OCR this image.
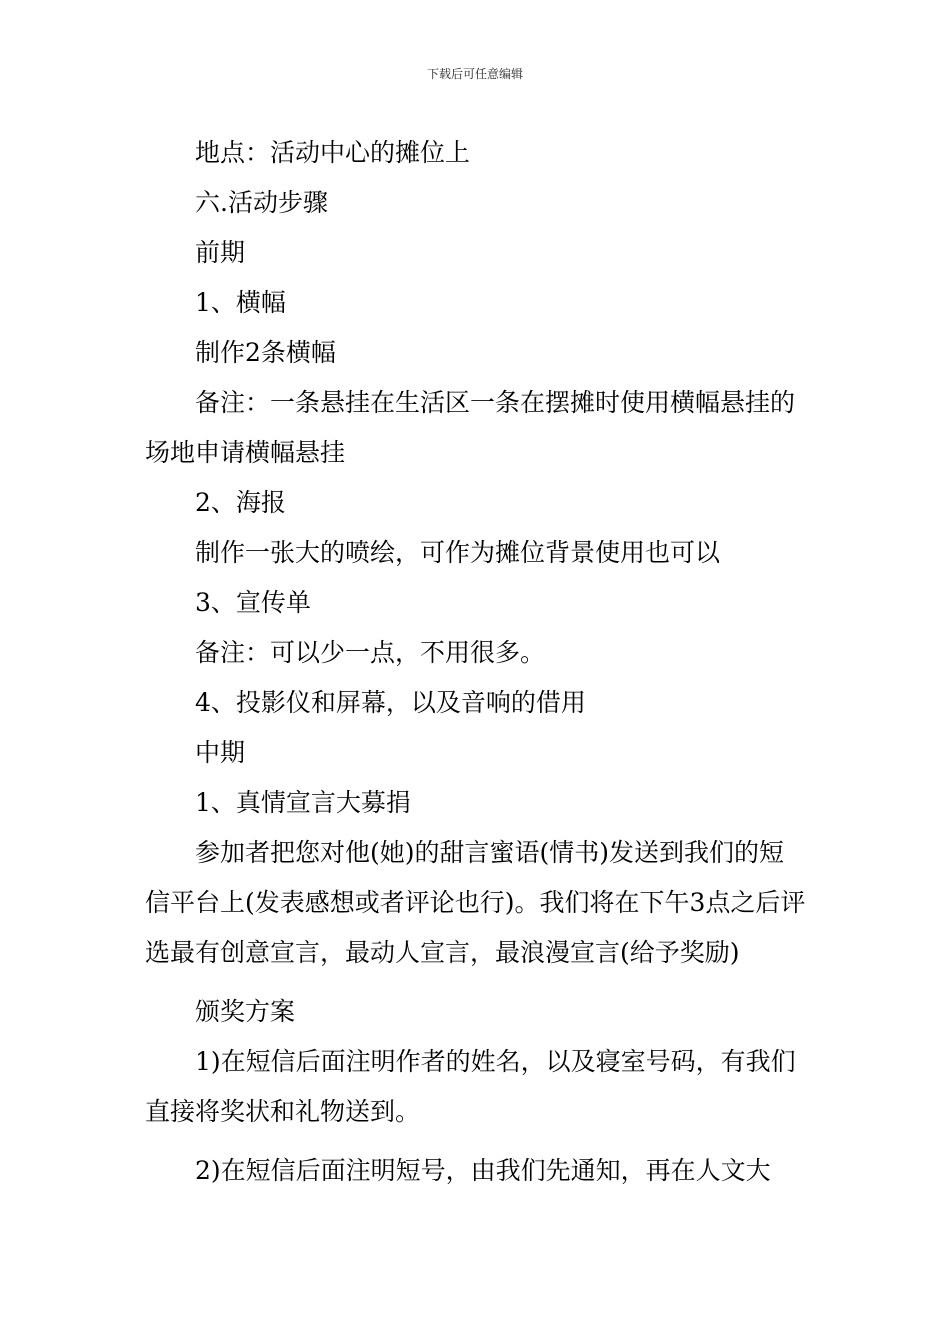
下载后可任意编辑

地点：活动中心的摊位上

六.活动步骤

前期

1、横幅

制作2条横幅

备注：一条悬挂在生活区一条在摆摊时使用横幅悬挂的场地申请横幅悬挂

2、海报

制作一张大的喷绘，可作为摊位背景使用也可以

3、宣传单

备注：可以少一点，不用很多。

4、投影仪和屏幕，以及音响的借用

中期

1、真情宣言大募捐

参加者把您对他(她)的甜言蜜语(情书)发送到我们的短信平台上(发表感想或者评论也行)。我们将在下午3点之后评选最有创意宣言，最动人宣言，最浪漫宣言(给予奖励)

颁奖方案

1)在短信后面注明作者的姓名，以及寝室号码，有我们直接将奖状和礼物送到。

2)在短信后面注明短号，由我们先通知，再在人文大
